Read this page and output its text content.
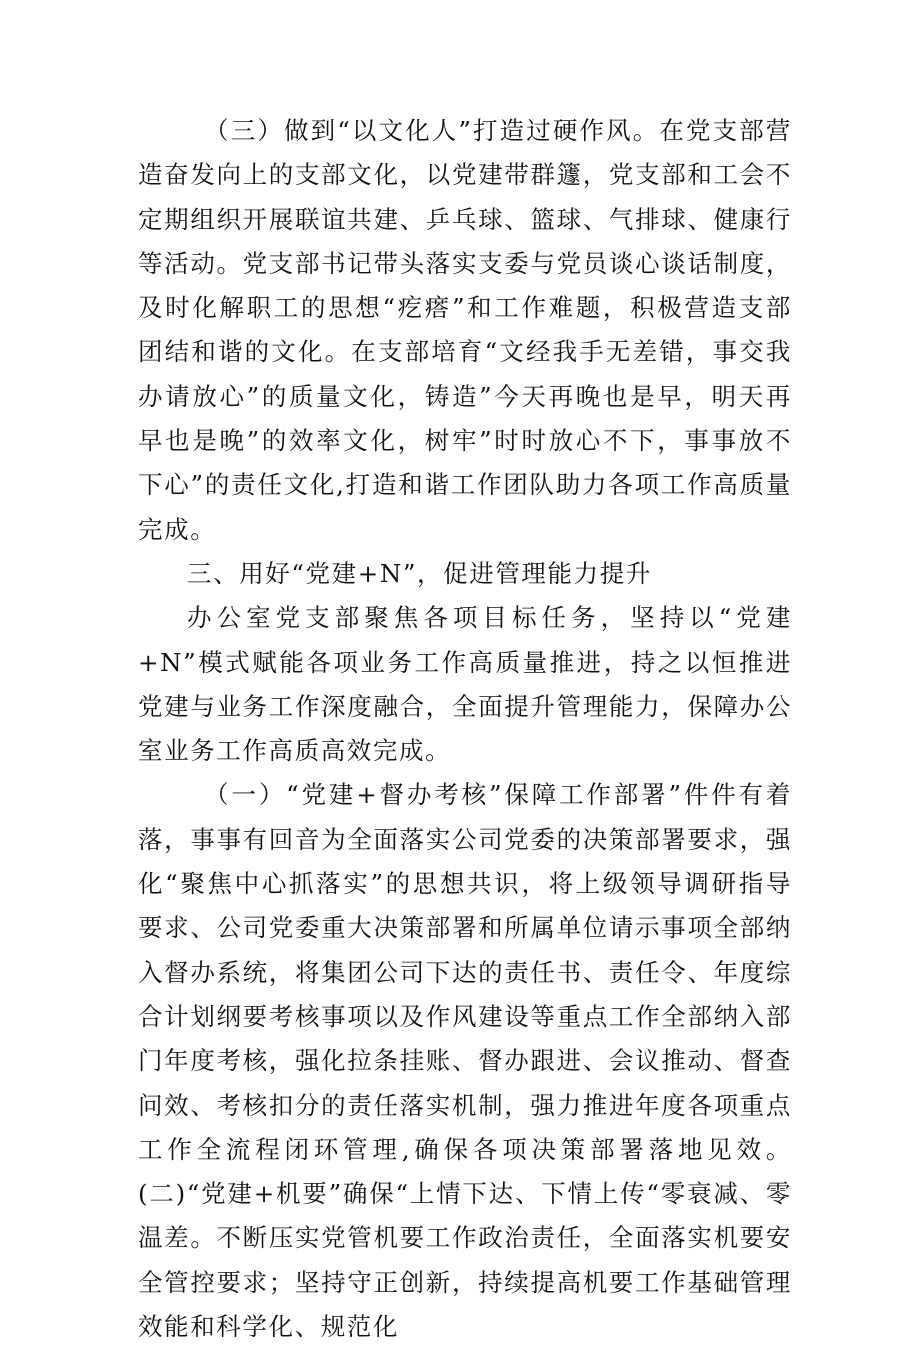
（三）做到“以文化人”打造过硬作风。在党支部营造奋发向上的支部文化，以党建带群籧，党支部和工会不定期组织开展联谊共建、乒乓球、篮球、气排球、健康行等活动。党支部书记带头落实支委与党员谈心谈话制度，及时化解职工的思想“疙瘩”和工作难题，积极营造支部团结和谐的文化。在支部培育“文经我手无差错，事交我办请放心”的质量文化，铸造”今天再晚也是早，明天再早也是晚”的效率文化，树牢”时时放心不下，事事放不下心”的责任文化,打造和谐工作团队助力各项工作高质量完成。

三、用好“党建+N”，促进管理能力提升

办公室党支部聚焦各项目标任务，坚持以“党建+N”模式赋能各项业务工作高质量推进，持之以恒推进党建与业务工作深度融合，全面提升管理能力，保障办公室业务工作高质高效完成。

（一）“党建+督办考核”保障工作部署”件件有着落，事事有回音为全面落实公司党委的决策部署要求，强化“聚焦中心抓落实”的思想共识，将上级领导调研指导要求、公司党委重大决策部署和所属单位请示事项全部纳入督办系统，将集团公司下达的责任书、责任令、年度综合计划纲要考核事项以及作风建设等重点工作全部纳入部门年度考核，强化拉条挂账、督办跟进、会议推动、督查问效、考核扣分的责任落实机制，强力推进年度各项重点工作全流程闭环管理,确保各项决策部署落地见效。(二)“党建+机要”确保“上情下达、下情上传“零衰减、零温差。不断压实党管机要工作政治责任，全面落实机要安全管控要求；坚持守正创新，持续提高机要工作基础管理效能和科学化、规范化
